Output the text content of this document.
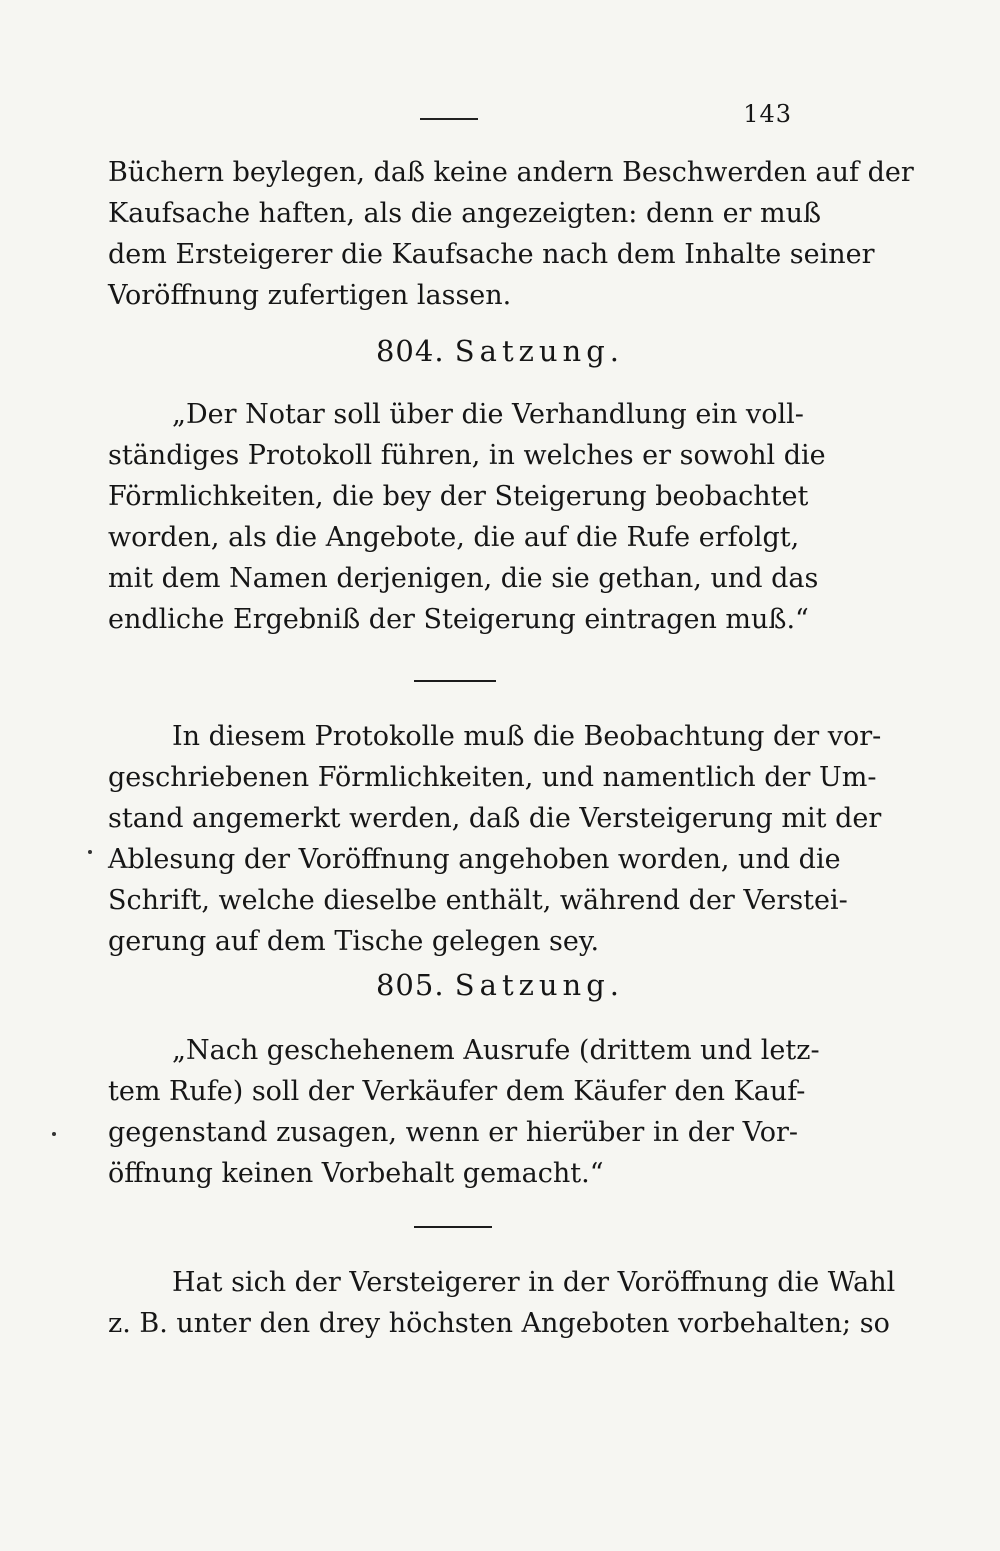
143
Büchern beylegen, daß keine andern Beschwerden auf der
Kaufsache haften, als die angezeigten: denn er muß
dem Ersteigerer die Kaufsache nach dem Inhalte seiner
Voröffnung zufertigen lassen.
804. Satzung.
„Der Notar soll über die Verhandlung ein voll-
ständiges Protokoll führen, in welches er sowohl die
Förmlichkeiten, die bey der Steigerung beobachtet
worden, als die Angebote, die auf die Rufe erfolgt,
mit dem Namen derjenigen, die sie gethan, und das
endliche Ergebniß der Steigerung eintragen muß.“
In diesem Protokolle muß die Beobachtung der vor-
geschriebenen Förmlichkeiten, und namentlich der Um-
stand angemerkt werden, daß die Versteigerung mit der
Ablesung der Voröffnung angehoben worden, und die
Schrift, welche dieselbe enthält, während der Verstei-
gerung auf dem Tische gelegen sey.
805. Satzung.
„Nach geschehenem Ausrufe (drittem und letz-
tem Rufe) soll der Verkäufer dem Käufer den Kauf-
gegenstand zusagen, wenn er hierüber in der Vor-
öffnung keinen Vorbehalt gemacht.“
Hat sich der Versteigerer in der Voröffnung die Wahl
z. B. unter den drey höchsten Angeboten vorbehalten; so
